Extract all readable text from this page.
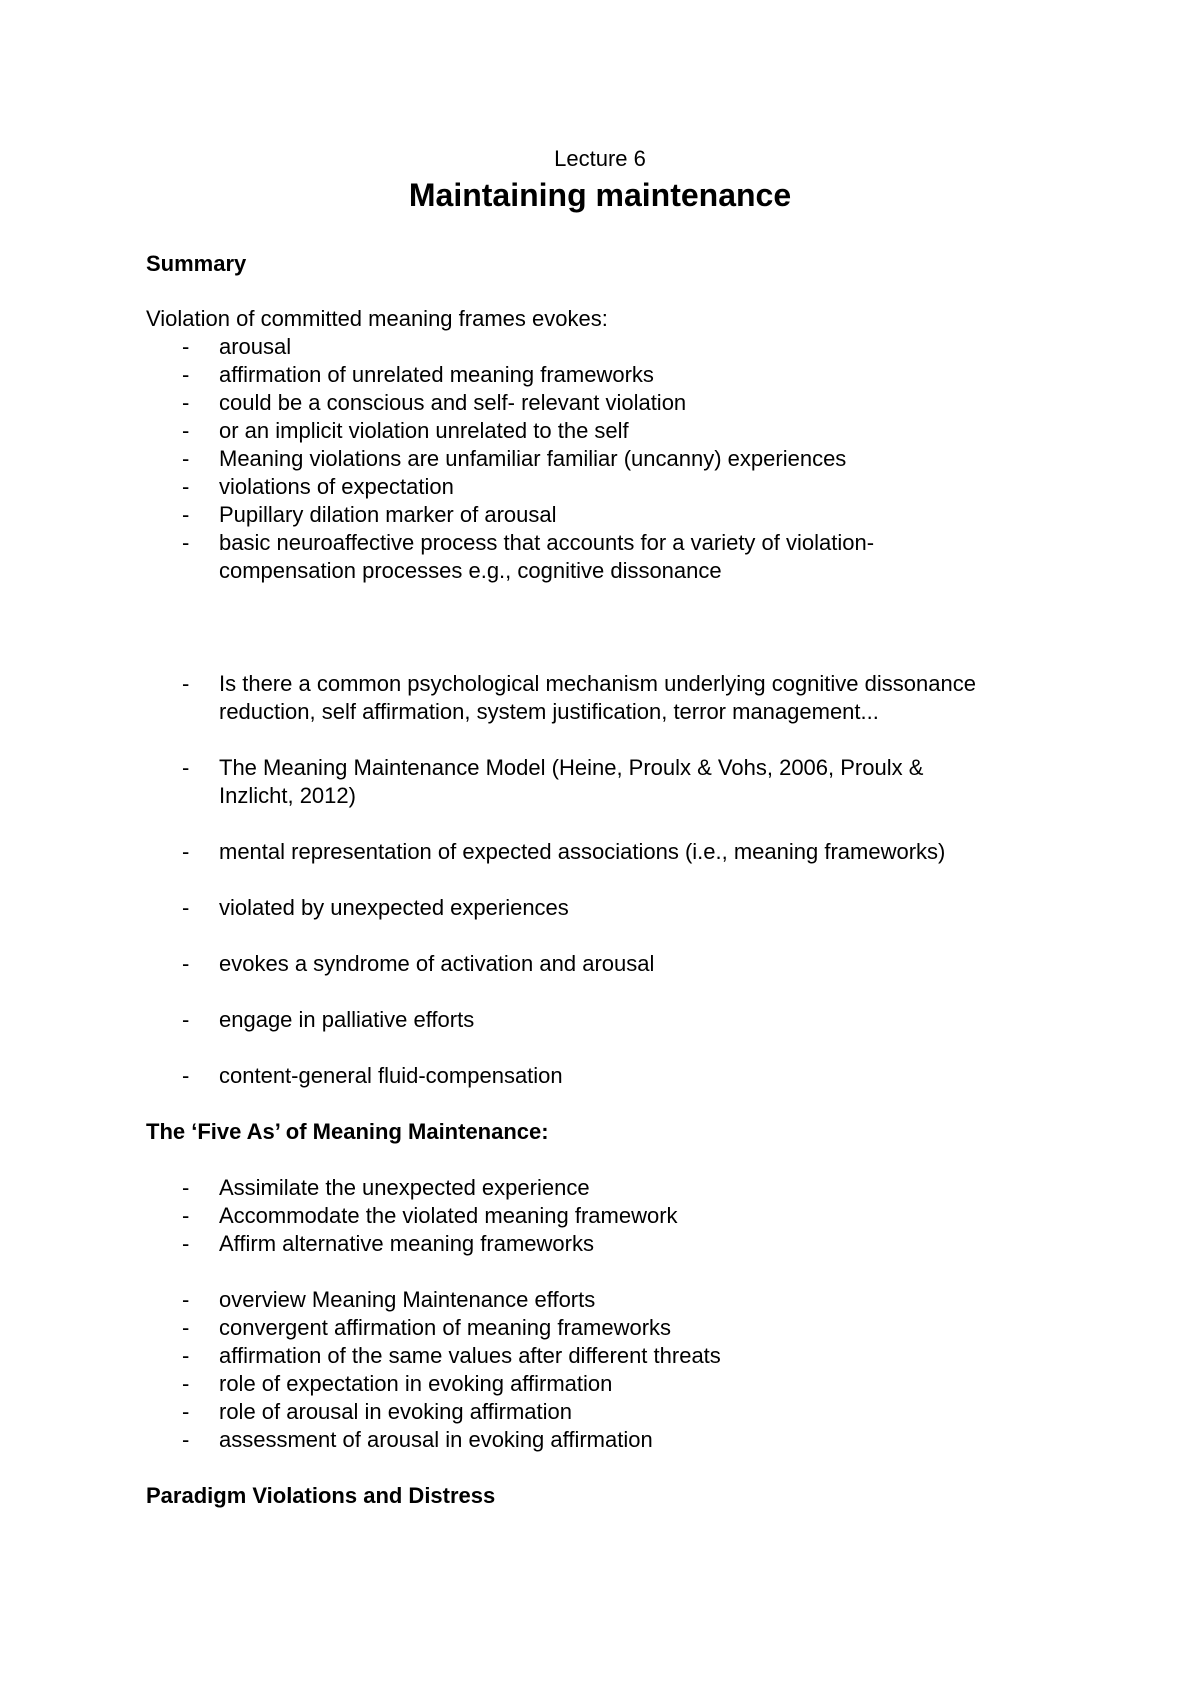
Lecture 6
Maintaining maintenance
Summary
Violation of committed meaning frames evokes:
- arousal
- affirmation of unrelated meaning frameworks
- could be a conscious and self- relevant violation
- or an implicit violation unrelated to the self
- Meaning violations are unfamiliar familiar (uncanny) experiences
- violations of expectation
- Pupillary dilation marker of arousal
- basic neuroaffective process that accounts for a variety of violation-
compensation processes e.g., cognitive dissonance
- Is there a common psychological mechanism underlying cognitive dissonance
reduction, self affirmation, system justification, terror management...
- The Meaning Maintenance Model (Heine, Proulx & Vohs, 2006, Proulx &
Inzlicht, 2012)
- mental representation of expected associations (i.e., meaning frameworks)
- violated by unexpected experiences
- evokes a syndrome of activation and arousal
- engage in palliative efforts
- content-general fluid-compensation
The ‘Five As’ of Meaning Maintenance:
- Assimilate the unexpected experience
- Accommodate the violated meaning framework
- Affirm alternative meaning frameworks
- overview Meaning Maintenance efforts
- convergent affirmation of meaning frameworks
- affirmation of the same values after different threats
- role of expectation in evoking affirmation
- role of arousal in evoking affirmation
- assessment of arousal in evoking affirmation
Paradigm Violations and Distress
